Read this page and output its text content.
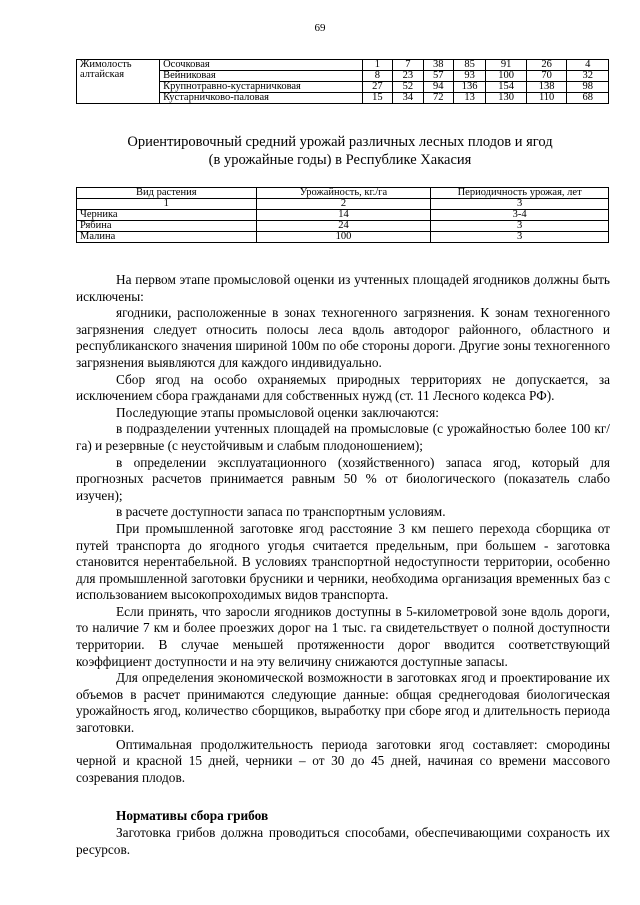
69
Жимолость алтайская	Осочковая	1	7	38	85	91	26	4
	Вейниковая	8	23	57	93	100	70	32
	Крупнотравно-кустарничковая	27	52	94	136	154	138	98
	Кустарничково-паловая	15	34	72	13	130	110	68
Ориентировочный средний урожай различных лесных плодов и ягод
(в урожайные годы) в Республике Хакасия
Вид растения	Урожайность, кг./га	Периодичность урожая, лет
1	2	3
Черника	14	3-4
Рябина	24	3
Малина	100	3

На первом этапе промысловой оценки из учтенных площадей ягодников должны быть исключены:

ягодники, расположенные в зонах техногенного загрязнения. К зонам техногенного загрязнения следует относить полосы леса вдоль автодорог районного, областного и республиканского значения шириной 100м по обе стороны дороги. Другие зоны техногенного загрязнения выявляются для каждого индивидуально.

Сбор ягод на особо охраняемых природных территориях не допускается, за исключением сбора гражданами для собственных нужд (ст. 11 Лесного кодекса РФ).

Последующие этапы промысловой оценки заключаются:

в подразделении учтенных площадей на промысловые (с урожайностью более 100 кг/га) и резервные (с неустойчивым и слабым плодоношением);

в определении эксплуатационного (хозяйственного) запаса ягод, который для прогнозных расчетов принимается равным 50 % от биологического (показатель слабо изучен);

в расчете доступности запаса по транспортным условиям.

При промышленной заготовке ягод расстояние 3 км пешего перехода сборщика от путей транспорта до ягодного угодья считается предельным, при большем - заготовка становится нерентабельной. В условиях транспортной недоступности территории, особенно для промышленной заготовки брусники и черники, необходима организация временных баз с использованием высокопроходимых видов транспорта.

Если принять, что заросли ягодников доступны в 5-километровой зоне вдоль дороги, то наличие 7 км и более проезжих дорог на 1 тыс. га свидетельствует о полной доступности территории. В случае меньшей протяженности дорог вводится соответствующий коэффициент доступности и на эту величину снижаются доступные запасы.

Для определения экономической возможности в заготовках ягод и проектирование их объемов в расчет принимаются следующие данные: общая среднегодовая биологическая урожайность ягод, количество сборщиков, выработку при сборе ягод и длительность периода заготовки.

Оптимальная продолжительность периода заготовки ягод составляет: смородины черной и красной 15 дней, черники – от 30 до 45 дней, начиная со времени массового созревания плодов.

Нормативы сбора грибов

Заготовка грибов должна проводиться способами, обеспечивающими сохраность их ресурсов.
